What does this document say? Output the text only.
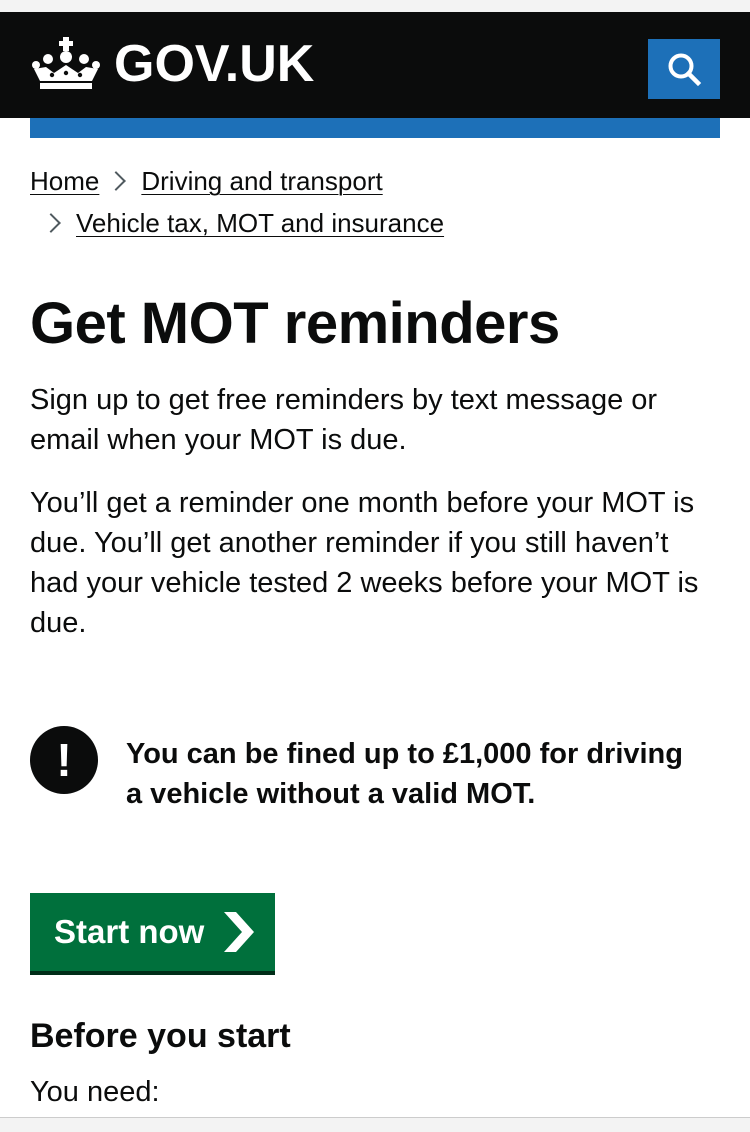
GOV.UK
Home Driving and transport
Vehicle tax, MOT and insurance
Get MOT reminders

Sign up to get free reminders by text message or email when your MOT is due.

You’ll get a reminder one month before your MOT is due. You’ll get another reminder if you still haven’t had your vehicle tested 2 weeks before your MOT is due.

!	You can be fined up to £1,000 for driving a vehicle without a valid MOT.
Start now
Before you start

You need:
